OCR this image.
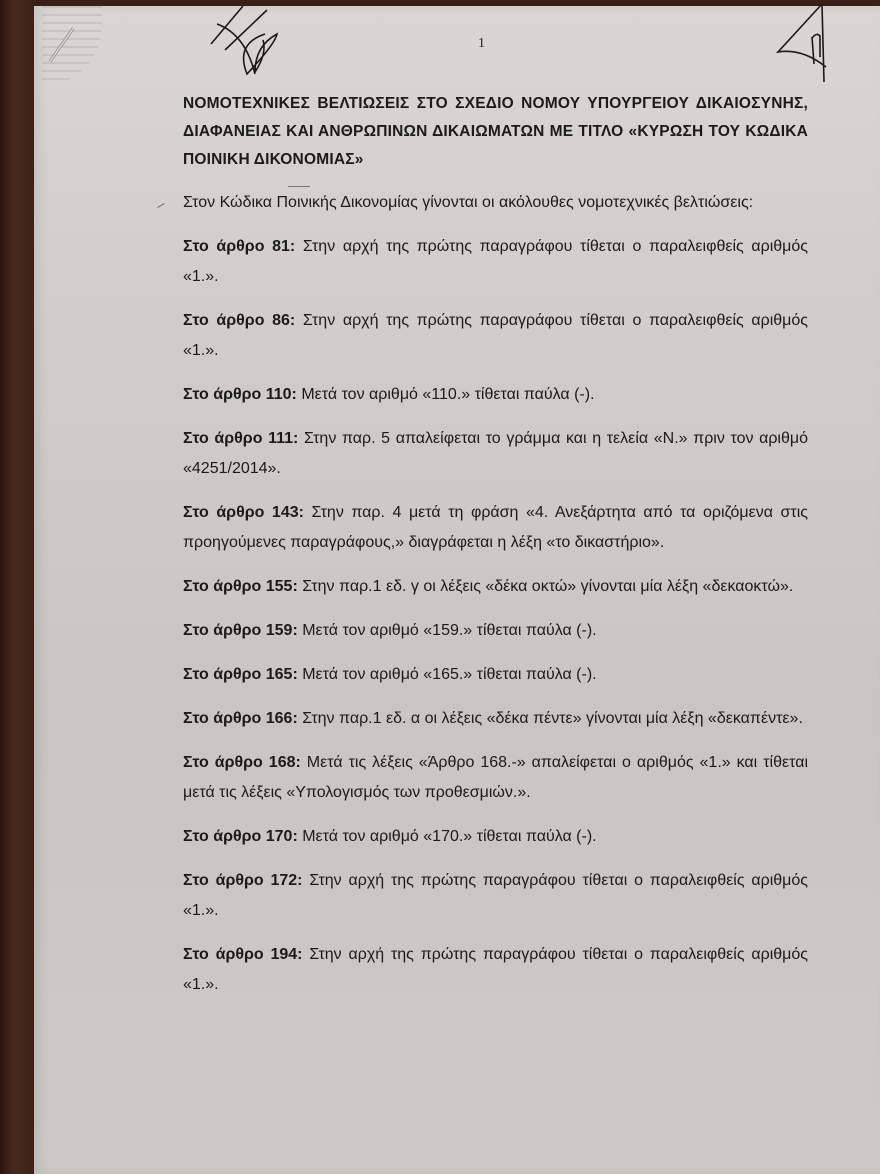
1
ΝΟΜΟΤΕΧΝΙΚΕΣ ΒΕΛΤΙΩΣΕΙΣ ΣΤΟ ΣΧΕΔΙΟ ΝΟΜΟΥ ΥΠΟΥΡΓΕΙΟΥ ΔΙΚΑΙΟΣΥΝΗΣ, ΔΙΑΦΑΝΕΙΑΣ ΚΑΙ ΑΝΘΡΩΠΙΝΩΝ ΔΙΚΑΙΩΜΑΤΩΝ ΜΕ ΤΙΤΛΟ «ΚΥΡΩΣΗ ΤΟΥ ΚΩΔΙΚΑ ΠΟΙΝΙΚΗ ΔΙΚΟΝΟΜΙΑΣ»
Στον Κώδικα Ποινικής Δικονομίας γίνονται οι ακόλουθες νομοτεχνικές βελτιώσεις:
Στο άρθρο 81: Στην αρχή της πρώτης παραγράφου τίθεται ο παραλειφθείς αριθμός «1.».
Στο άρθρο 86: Στην αρχή της πρώτης παραγράφου τίθεται ο παραλειφθείς αριθμός «1.».
Στο άρθρο 110: Μετά τον αριθμό «110.» τίθεται παύλα (-).
Στο άρθρο 111: Στην παρ. 5 απαλείφεται το γράμμα και η τελεία «Ν.» πριν τον αριθμό «4251/2014».
Στο άρθρο 143: Στην παρ. 4 μετά τη φράση «4. Ανεξάρτητα από τα οριζόμενα στις προηγούμενες παραγράφους,» διαγράφεται η λέξη «το δικαστήριο».
Στο άρθρο 155: Στην παρ.1 εδ. γ οι λέξεις «δέκα οκτώ» γίνονται μία λέξη «δεκαοκτώ».
Στο άρθρο 159: Μετά τον αριθμό «159.» τίθεται παύλα (-).
Στο άρθρο 165: Μετά τον αριθμό «165.» τίθεται παύλα (-).
Στο άρθρο 166: Στην παρ.1 εδ. α οι λέξεις «δέκα πέντε» γίνονται μία λέξη «δεκαπέντε».
Στο άρθρο 168: Μετά τις λέξεις «Άρθρο 168.-» απαλείφεται ο αριθμός «1.» και τίθεται μετά τις λέξεις «Υπολογισμός των προθεσμιών.».
Στο άρθρο 170: Μετά τον αριθμό «170.» τίθεται παύλα (-).
Στο άρθρο 172: Στην αρχή της πρώτης παραγράφου τίθεται ο παραλειφθείς αριθμός «1.».
Στο άρθρο 194: Στην αρχή της πρώτης παραγράφου τίθεται ο παραλειφθείς αριθμός «1.».
